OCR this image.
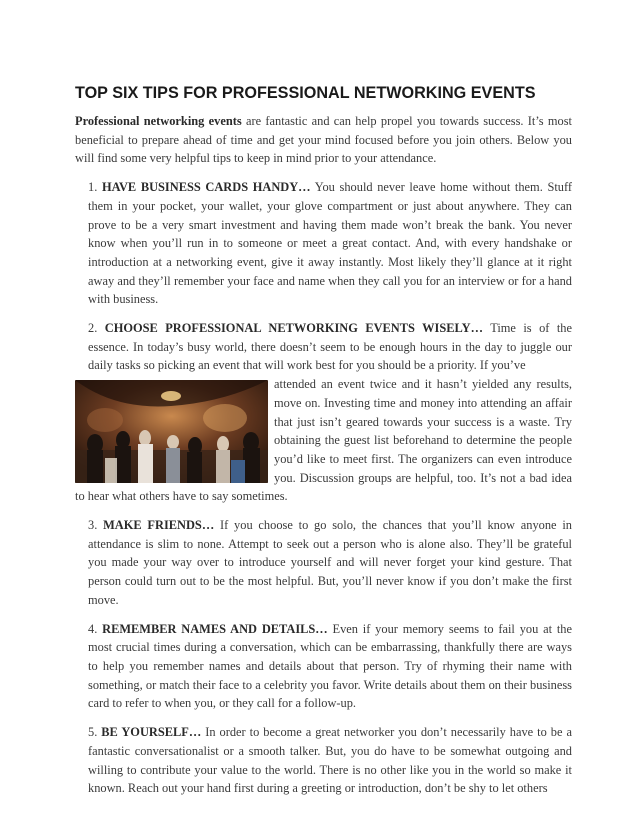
TOP SIX TIPS FOR PROFESSIONAL NETWORKING EVENTS

Professional networking events are fantastic and can help propel you towards success. It’s most beneficial to prepare ahead of time and get your mind focused before you join others. Below you will find some very helpful tips to keep in mind prior to your attendance.

1. HAVE BUSINESS CARDS HANDY… You should never leave home without them. Stuff them in your pocket, your wallet, your glove compartment or just about anywhere. They can prove to be a very smart investment and having them made won’t break the bank. You never know when you’ll run in to someone or meet a great contact. And, with every handshake or introduction at a networking event, give it away instantly. Most likely they’ll glance at it right away and they’ll remember your face and name when they call you for an interview or for a hand with business.

2. CHOOSE PROFESSIONAL NETWORKING EVENTS WISELY… Time is of the essence. In today’s busy world, there doesn’t seem to be enough hours in the day to juggle our daily tasks so picking an event that will work best for you should be a priority. If you’ve

attended an event twice and it hasn’t yielded any results, move on. Investing time and money into attending an affair that just isn’t geared towards your success is a waste. Try obtaining the guest list beforehand to determine the people you’d like to meet first. The organizers can even introduce you. Discussion groups are helpful, too. It’s not a bad idea to hear what others have to say sometimes.

3. MAKE FRIENDS… If you choose to go solo, the chances that you’ll know anyone in attendance is slim to none. Attempt to seek out a person who is alone also. They’ll be grateful you made your way over to introduce yourself and will never forget your kind gesture. That person could turn out to be the most helpful. But, you’ll never know if you don’t make the first move.

4. REMEMBER NAMES AND DETAILS… Even if your memory seems to fail you at the most crucial times during a conversation, which can be embarrassing, thankfully there are ways to help you remember names and details about that person. Try of rhyming their name with something, or match their face to a celebrity you favor. Write details about them on their business card to refer to when you, or they call for a follow-up.

5. BE YOURSELF… In order to become a great networker you don’t necessarily have to be a fantastic conversationalist or a smooth talker. But, you do have to be somewhat outgoing and willing to contribute your value to the world. There is no other like you in the world so make it known. Reach out your hand first during a greeting or introduction, don’t be shy to let others
